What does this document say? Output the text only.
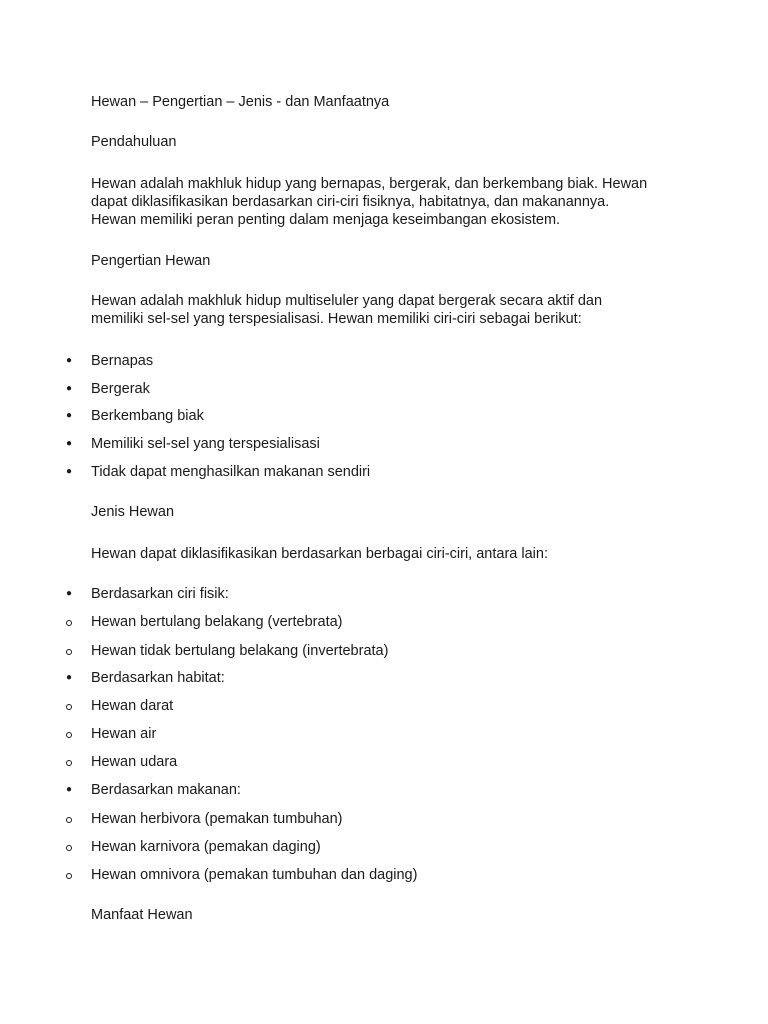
Hewan – Pengertian – Jenis - dan Manfaatnya
Pendahuluan
Hewan adalah makhluk hidup yang bernapas, bergerak, dan berkembang biak. Hewan
dapat diklasifikasikan berdasarkan ciri-ciri fisiknya, habitatnya, dan makanannya.
Hewan memiliki peran penting dalam menjaga keseimbangan ekosistem.
Pengertian Hewan
Hewan adalah makhluk hidup multiseluler yang dapat bergerak secara aktif dan
memiliki sel-sel yang terspesialisasi. Hewan memiliki ciri-ciri sebagai berikut:
● Bernapas
● Bergerak
● Berkembang biak
● Memiliki sel-sel yang terspesialisasi
● Tidak dapat menghasilkan makanan sendiri
Jenis Hewan
Hewan dapat diklasifikasikan berdasarkan berbagai ciri-ciri, antara lain:
● Berdasarkan ciri fisik:
Hewan bertulang belakang (vertebrata)
Hewan tidak bertulang belakang (invertebrata)
● Berdasarkan habitat:
Hewan darat
Hewan air
Hewan udara
● Berdasarkan makanan:
Hewan herbivora (pemakan tumbuhan)
Hewan karnivora (pemakan daging)
Hewan omnivora (pemakan tumbuhan dan daging)
Manfaat Hewan
